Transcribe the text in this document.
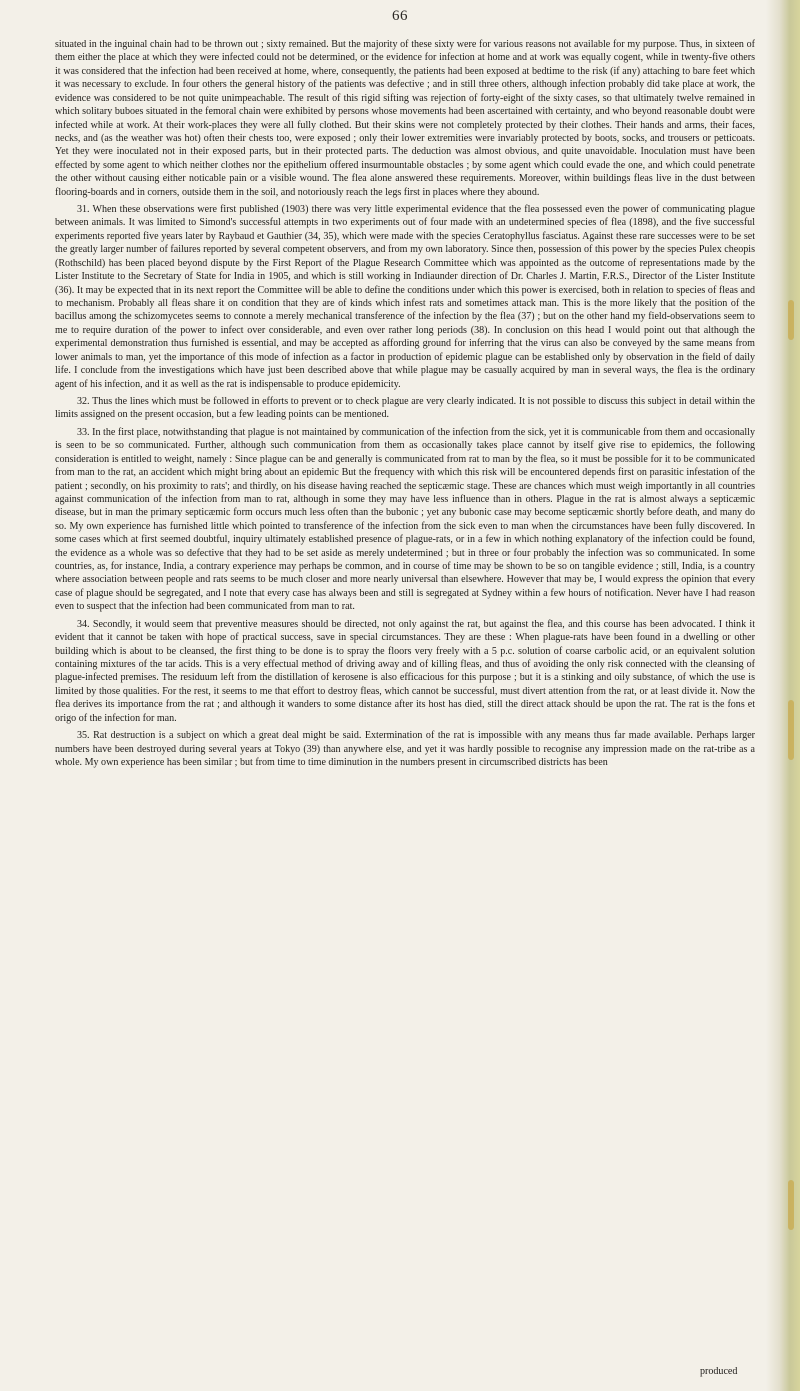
66

situated in the inguinal chain had to be thrown out ; sixty remained. But the majority of these sixty were for various reasons not available for my purpose. Thus, in sixteen of them either the place at which they were infected could not be determined, or the evidence for infection at home and at work was equally cogent, while in twenty-five others it was considered that the infection had been received at home, where, consequently, the patients had been exposed at bedtime to the risk (if any) attaching to bare feet which it was necessary to exclude. In four others the general history of the patients was defective ; and in still three others, although infection probably did take place at work, the evidence was considered to be not quite unimpeachable. The result of this rigid sifting was rejection of forty-eight of the sixty cases, so that ultimately twelve remained in which solitary buboes situated in the femoral chain were exhibited by persons whose movements had been ascertained with certainty, and who beyond reasonable doubt were infected while at work. At their work-places they were all fully clothed. But their skins were not completely protected by their clothes. Their hands and arms, their faces, necks, and (as the weather was hot) often their chests too, were exposed ; only their lower extremities were invariably protected by boots, socks, and trousers or petticoats. Yet they were inoculated not in their exposed parts, but in their protected parts. The deduction was almost obvious, and quite unavoidable. Inoculation must have been effected by some agent to which neither clothes nor the epithelium offered insurmountable obstacles ; by some agent which could evade the one, and which could penetrate the other without causing either noticable pain or a visible wound. The flea alone answered these requirements. Moreover, within buildings fleas live in the dust between flooring-boards and in corners, outside them in the soil, and notoriously reach the legs first in places where they abound.

31. When these observations were first published (1903) there was very little experimental evidence that the flea possessed even the power of communicating plague between animals. It was limited to Simond's successful attempts in two experiments out of four made with an undetermined species of flea (1898), and the five successful experiments reported five years later by Raybaud et Gauthier (34, 35), which were made with the species Ceratophyllus fasciatus. Against these rare successes were to be set the greatly larger number of failures reported by several competent observers, and from my own laboratory. Since then, possession of this power by the species Pulex cheopis (Rothschild) has been placed beyond dispute by the First Report of the Plague Research Committee which was appointed as the outcome of representations made by the Lister Institute to the Secretary of State for India in 1905, and which is still working in Indiaunder direction of Dr. Charles J. Martin, F.R.S., Director of the Lister Institute (36). It may be expected that in its next report the Committee will be able to define the conditions under which this power is exercised, both in relation to species of fleas and to mechanism. Probably all fleas share it on condition that they are of kinds which infest rats and sometimes attack man. This is the more likely that the position of the bacillus among the schizomycetes seems to connote a merely mechanical transference of the infection by the flea (37) ; but on the other hand my field-observations seem to me to require duration of the power to infect over considerable, and even over rather long periods (38). In conclusion on this head I would point out that although the experimental demonstration thus furnished is essential, and may be accepted as affording ground for inferring that the virus can also be conveyed by the same means from lower animals to man, yet the importance of this mode of infection as a factor in production of epidemic plague can be established only by observation in the field of daily life. I conclude from the investigations which have just been described above that while plague may be casually acquired by man in several ways, the flea is the ordinary agent of his infection, and it as well as the rat is indispensable to produce epidemicity.

32. Thus the lines which must be followed in efforts to prevent or to check plague are very clearly indicated. It is not possible to discuss this subject in detail within the limits assigned on the present occasion, but a few leading points can be mentioned.

33. In the first place, notwithstanding that plague is not maintained by communication of the infection from the sick, yet it is communicable from them and occasionally is seen to be so communicated. Further, although such communication from them as occasionally takes place cannot by itself give rise to epidemics, the following consideration is entitled to weight, namely : Since plague can be and generally is communicated from rat to man by the flea, so it must be possible for it to be communicated from man to the rat, an accident which might bring about an epidemic But the frequency with which this risk will be encountered depends first on parasitic infestation of the patient ; secondly, on his proximity to rats'; and thirdly, on his disease having reached the septicæmic stage. These are chances which must weigh importantly in all countries against communication of the infection from man to rat, although in some they may have less influence than in others. Plague in the rat is almost always a septicæmic disease, but in man the primary septicæmic form occurs much less often than the bubonic ; yet any bubonic case may become septicæmic shortly before death, and many do so. My own experience has furnished little which pointed to transference of the infection from the sick even to man when the circumstances have been fully discovered. In some cases which at first seemed doubtful, inquiry ultimately established presence of plague-rats, or in a few in which nothing explanatory of the infection could be found, the evidence as a whole was so defective that they had to be set aside as merely undetermined ; but in three or four probably the infection was so communicated. In some countries, as, for instance, India, a contrary experience may perhaps be common, and in course of time may be shown to be so on tangible evidence ; still, India, is a country where association between people and rats seems to be much closer and more nearly universal than elsewhere. However that may be, I would express the opinion that every case of plague should be segregated, and I note that every case has always been and still is segregated at Sydney within a few hours of notification. Never have I had reason even to suspect that the infection had been communicated from man to rat.

34. Secondly, it would seem that preventive measures should be directed, not only against the rat, but against the flea, and this course has been advocated. I think it evident that it cannot be taken with hope of practical success, save in special circumstances. They are these : When plague-rats have been found in a dwelling or other building which is about to be cleansed, the first thing to be done is to spray the floors very freely with a 5 p.c. solution of coarse carbolic acid, or an equivalent solution containing mixtures of the tar acids. This is a very effectual method of driving away and of killing fleas, and thus of avoiding the only risk connected with the cleansing of plague-infected premises. The residuum left from the distillation of kerosene is also efficacious for this purpose ; but it is a stinking and oily substance, of which the use is limited by those qualities. For the rest, it seems to me that effort to destroy fleas, which cannot be successful, must divert attention from the rat, or at least divide it. Now the flea derives its importance from the rat ; and although it wanders to some distance after its host has died, still the direct attack should be upon the rat. The rat is the fons et origo of the infection for man.

35. Rat destruction is a subject on which a great deal might be said. Extermination of the rat is impossible with any means thus far made available. Perhaps larger numbers have been destroyed during several years at Tokyo (39) than anywhere else, and yet it was hardly possible to recognise any impression made on the rat-tribe as a whole. My own experience has been similar ; but from time to time diminution in the numbers present in circumscribed districts has been

produced
